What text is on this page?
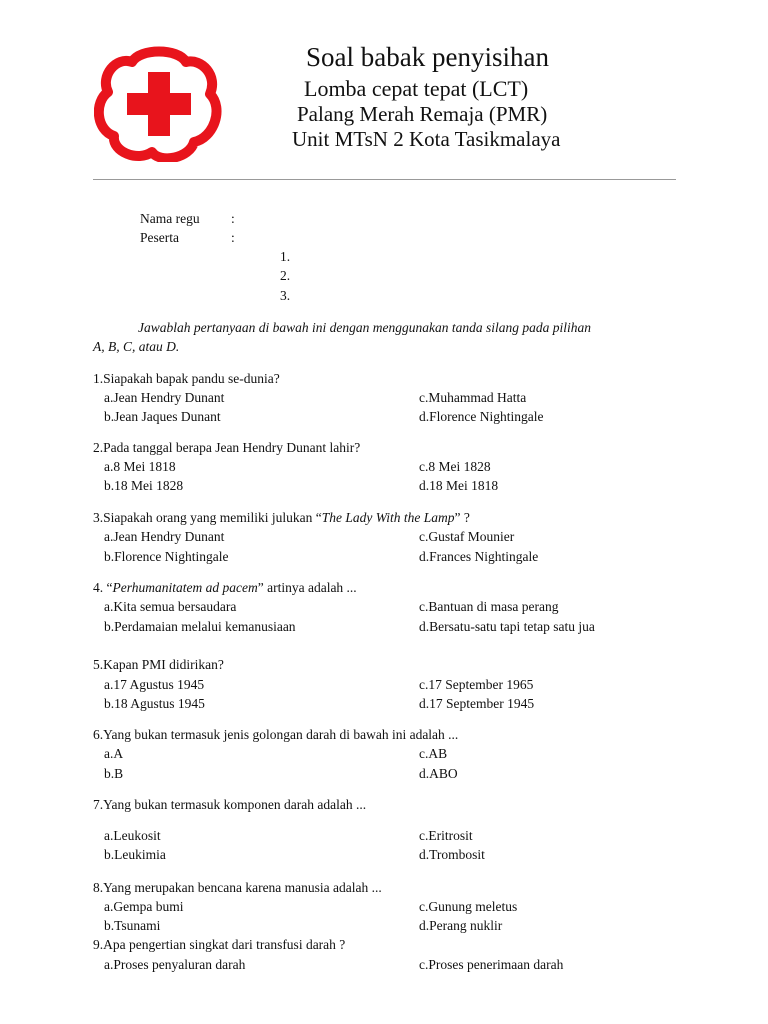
Soal babak penyisihan
Lomba cepat tepat (LCT)
Palang Merah Remaja (PMR)
Unit MTsN 2 Kota Tasikmalaya
Nama regu :
Peserta	:
1.
2.
3.
Jawablah pertanyaan di bawah ini dengan menggunakan tanda silang pada pilihan
A, B, C, atau D.
1.Siapakah bapak pandu se-dunia?
a.Jean Hendry Dunant
b.Jean Jaques Dunant
c.Muhammad Hatta
d.Florence Nightingale
2.Pada tanggal berapa Jean Hendry Dunant lahir?
a.8 Mei 1818
b.18 Mei 1828
c.8 Mei 1828
d.18 Mei 1818
3.Siapakah orang yang memiliki julukan “The Lady With the Lamp” ?
a.Jean Hendry Dunant
b.Florence Nightingale
c.Gustaf Mounier
d.Frances Nightingale
4. “Perhumanitatem ad pacem” artinya adalah ...
a.Kita semua bersaudara
b.Perdamaian melalui kemanusiaan
c.Bantuan di masa perang
d.Bersatu-satu tapi tetap satu jua
5.Kapan PMI didirikan?
a.17 Agustus 1945
b.18 Agustus 1945
c.17 September 1965
d.17 September 1945
6.Yang bukan termasuk jenis golongan darah di bawah ini adalah ...
a.A
b.B
c.AB
d.ABO
7.Yang bukan termasuk komponen darah adalah ...
a.Leukosit
b.Leukimia
c.Eritrosit
d.Trombosit
8.Yang merupakan bencana karena manusia adalah ...
a.Gempa bumi
b.Tsunami
c.Gunung meletus
d.Perang nuklir
9.Apa pengertian singkat dari transfusi darah ?
a.Proses penyaluran darah	c.Proses penerimaan darah
